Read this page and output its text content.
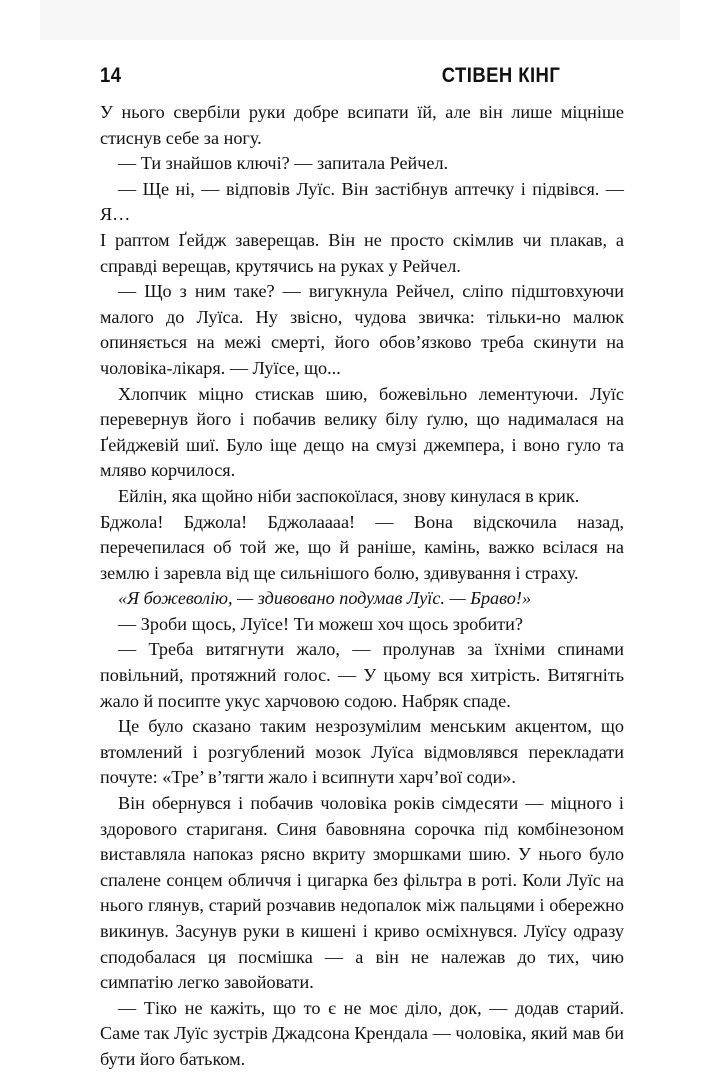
14	СТІВЕН КІНГ

У нього свербіли руки добре всипати їй, але він лише міцніше стиснув себе за ногу.

— Ти знайшов ключі? — запитала Рейчел.

— Ще ні, — відповів Луїс. Він застібнув аптечку і підвівся. — Я…

І раптом Ґейдж заверещав. Він не просто скімлив чи плакав, а справді верещав, крутячись на руках у Рейчел.

— Що з ним таке? — вигукнула Рейчел, сліпо підштовхуючи малого до Луїса. Ну звісно, чудова звичка: тільки-но малюк опиняється на межі смерті, його обов’язково треба скинути на чоловіка-лікаря. — Луїсе, що...

Хлопчик міцно стискав шию, божевільно лементуючи. Луїс перевернув його і побачив велику білу ґулю, що надималася на Ґейджевій шиї. Було іще дещо на смузі джемпера, і воно гуло та мляво корчилося.

Ейлін, яка щойно ніби заспокоїлася, знову кинулася в крик.

Бджола! Бджола! Бджолаааа! — Вона відскочила назад, перечепилася об той же, що й раніше, камінь, важко всілася на землю і заревла від ще сильнішого болю, здивування і страху.

«Я божеволію, — здивовано подумав Луїс. — Браво!»

— Зроби щось, Луїсе! Ти можеш хоч щось зробити?

— Треба витягнути жало, — пролунав за їхніми спинами повільний, протяжний голос. — У цьому вся хитрість. Витягніть жало й посипте укус харчовою содою. Набряк спаде.

Це було сказано таким незрозумілим менським акцентом, що втомлений і розгублений мозок Луїса відмовлявся перекладати почуте: «Тре’ в’тягти жало і всипнути харч’вої соди».

Він обернувся і побачив чоловіка років сімдесяти — міцного і здорового стариганя. Синя бавовняна сорочка під комбінезоном виставляла напоказ рясно вкриту зморшками шию. У нього було спалене сонцем обличчя і цигарка без фільтра в роті. Коли Луїс на нього глянув, старий розчавив недопалок між пальцями і обережно викинув. Засунув руки в кишені і криво осміхнувся. Луїсу одразу сподобалася ця посмішка — а він не належав до тих, чию симпатію легко завойовати.

— Тіко не кажіть, що то є не моє діло, док, — додав старий. Саме так Луїс зустрів Джадсона Крендала — чоловіка, який мав би бути його батьком.
